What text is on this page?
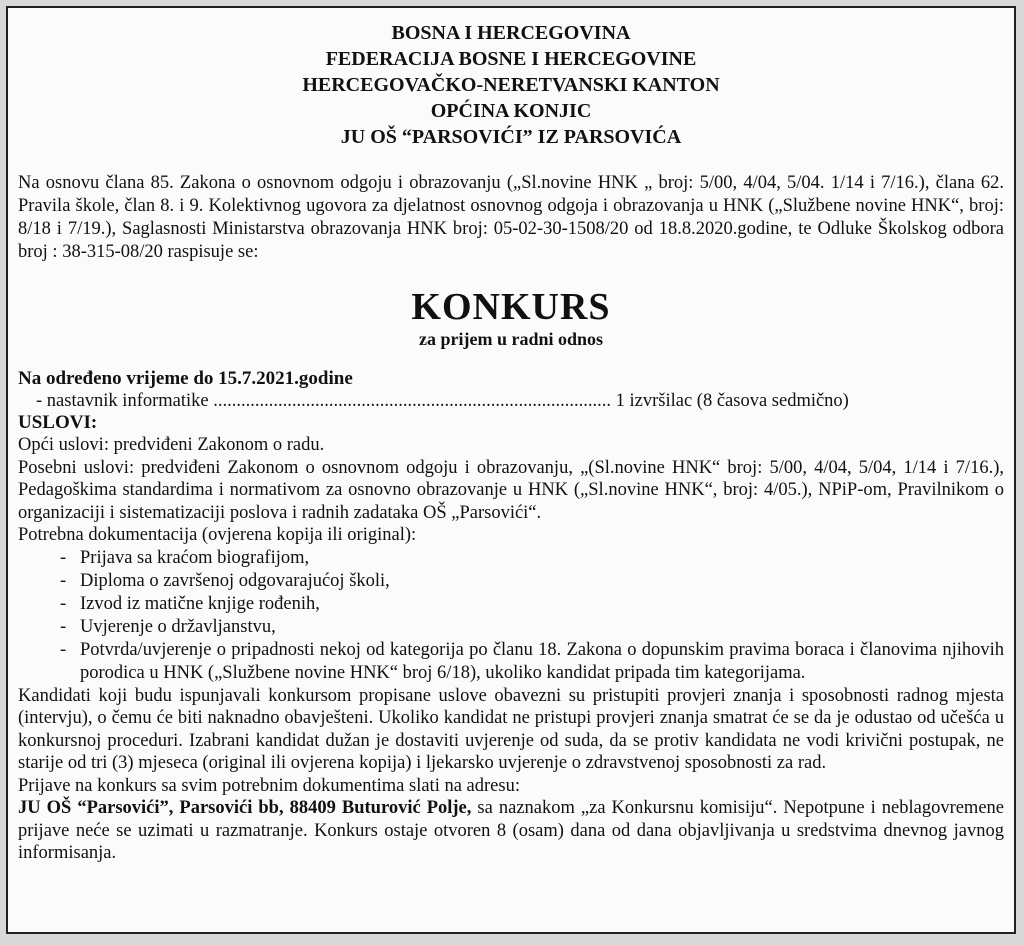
BOSNA I HERCEGOVINA
FEDERACIJA BOSNE I HERCEGOVINE
HERCEGOVAČKO-NERETVANSKI KANTON
OPĆINA KONJIC
JU OŠ “PARSOVIĆI” IZ PARSOVIĆA
Na osnovu člana 85. Zakona o osnovnom odgoju i obrazovanju („Sl.novine HNK „ broj: 5/00, 4/04, 5/04. 1/14 i 7/16.), člana 62. Pravila škole, član 8. i 9. Kolektivnog ugovora za djelatnost osnovnog odgoja i obrazovanja u HNK („Službene novine HNK“, broj: 8/18 i 7/19.), Saglasnosti Ministarstva obrazovanja HNK broj: 05-02-30-1508/20 od 18.8.2020.godine, te Odluke Školskog odbora broj : 38-315-08/20 raspisuje se:
KONKURS
za prijem u radni odnos
Na određeno vrijeme do 15.7.2021.godine
- nastavnik informatike ...................................................................................... 1 izvršilac (8 časova sedmično)
USLOVI:
Opći uslovi: predviđeni Zakonom o radu.
Posebni uslovi: predviđeni Zakonom o osnovnom odgoju i obrazovanju, „(Sl.novine HNK“ broj: 5/00, 4/04, 5/04, 1/14 i 7/16.), Pedagoškima standardima i normativom za osnovno obrazovanje u HNK („Sl.novine HNK“, broj: 4/05.), NPiP-om, Pravilnikom o organizaciji i sistematizaciji poslova i radnih zadataka OŠ „Parsovići“.
Potrebna dokumentacija (ovjerena kopija ili original):
- Prijava sa kraćom biografijom,
- Diploma o završenoj odgovarajućoj školi,
- Izvod iz matične knjige rođenih,
- Uvjerenje o državljanstvu,
- Potvrda/uvjerenje o pripadnosti nekoj od kategorija po članu 18. Zakona o dopunskim pravima boraca i članovima njihovih porodica u HNK („Službene novine HNK“ broj 6/18), ukoliko kandidat pripada tim kategorijama.
Kandidati koji budu ispunjavali konkursom propisane uslove obavezni su pristupiti provjeri znanja i sposobnosti radnog mjesta (intervju), o čemu će biti naknadno obavješteni. Ukoliko kandidat ne pristupi provjeri znanja smatrat će se da je odustao od učešća u konkursnoj proceduri. Izabrani kandidat dužan je dostaviti uvjerenje od suda, da se protiv kandidata ne vodi krivični postupak, ne starije od tri (3) mjeseca (original ili ovjerena kopija) i ljekarsko uvjerenje o zdravstvenoj sposobnosti za rad.
Prijave na konkurs sa svim potrebnim dokumentima slati na adresu:
JU OŠ “Parsovići”, Parsovići bb, 88409 Buturović Polje, sa naznakom „za Konkursnu komisiju“. Nepotpune i neblagovremene prijave neće se uzimati u razmatranje. Konkurs ostaje otvoren 8 (osam) dana od dana objavljivanja u sredstvima dnevnog javnog informisanja.
